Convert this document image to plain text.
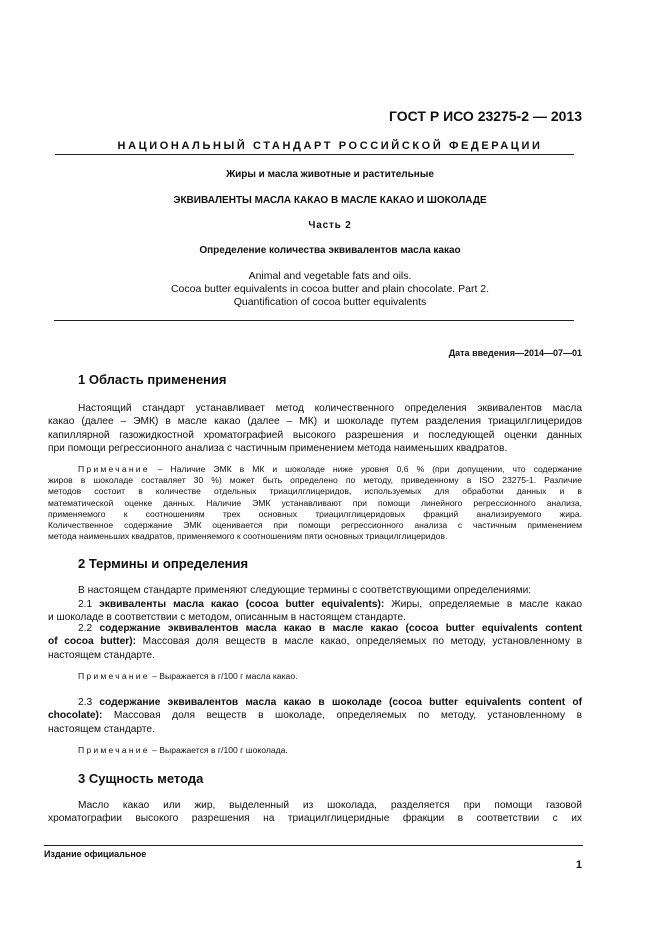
ГОСТ Р ИСО 23275-2 — 2013
НАЦИОНАЛЬНЫЙ СТАНДАРТ РОССИЙСКОЙ ФЕДЕРАЦИИ
Жиры и масла животные и растительные
ЭКВИВАЛЕНТЫ МАСЛА КАКАО В МАСЛЕ КАКАО И ШОКОЛАДЕ
Часть 2
Определение количества эквивалентов масла какао
Animal and vegetable fats and oils.
Cocoa butter equivalents in cocoa butter and plain chocolate. Part 2.
Quantification of cocoa butter equivalents
Дата введения—2014—07—01
1 Область применения
Настоящий стандарт устанавливает метод количественного определения эквивалентов масла
какао (далее – ЭМК) в масле какао (далее – МК) и шоколаде путем разделения триацилглицеридов
капиллярной газожидкостной хроматографией высокого разрешения и последующей оценки данных
при помощи регрессионного анализа с частичным применением метода наименьших квадратов.
Примечание – Наличие ЭМК в МК и шоколаде ниже уровня 0,6 % (при допущении, что содержание
жиров в шоколаде составляет 30 %) может быть определено по методу, приведенному в ISO 23275-1. Различие
методов состоит в количестве отдельных триацилглицеридов, используемых для обработки данных и в
математической оценке данных. Наличие ЭМК устанавливают при помощи линейного регрессионного анализа,
применяемого к соотношениям трех основных триацилглицеридовых фракций анализируемого жира.
Количественное содержание ЭМК оценивается при помощи регрессионного анализа с частичным применением
метода наименьших квадратов, применяемого к соотношениям пяти основных триацилглицеридов.
2 Термины и определения
В настоящем стандарте применяют следующие термины с соответствующими определениями:
2.1 эквиваленты масла какао (cocoa butter equivalents): Жиры, определяемые в масле какао
и шоколаде в соответствии с методом, описанным в настоящем стандарте.
2.2 содержание эквивалентов масла какао в масле какао (cocoa butter equivalents content
of cocoa butter): Массовая доля веществ в масле какао, определяемых по методу, установленному в
настоящем стандарте.
Примечание – Выражается в г/100 г масла какао.
2.3 содержание эквивалентов масла какао в шоколаде (cocoa butter equivalents content of
chocolate): Массовая доля веществ в шоколаде, определяемых по методу, установленному в
настоящем стандарте.
Примечание – Выражается в г/100 г шоколада.
3 Сущность метода
Масло какао или жир, выделенный из шоколада, разделяется при помощи газовой
хроматографии высокого разрешения на триацилглицеридные фракции в соответствии с их
Издание официальное
1
